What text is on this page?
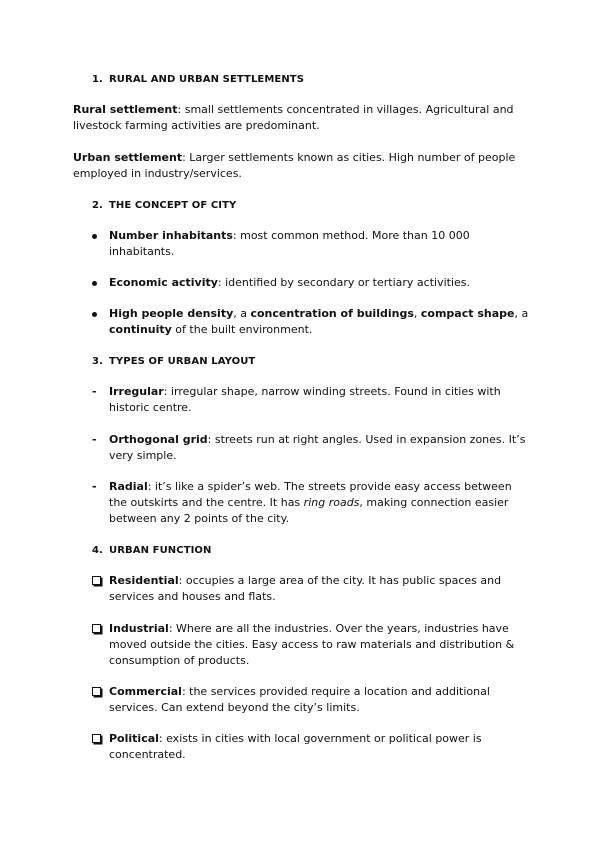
1. RURAL AND URBAN SETTLEMENTS
Rural settlement: small settlements concentrated in villages. Agricultural and livestock farming activities are predominant.
Urban settlement: Larger settlements known as cities. High number of people employed in industry/services.
2. THE CONCEPT OF CITY
Number inhabitants: most common method. More than 10 000 inhabitants.
Economic activity: identified by secondary or tertiary activities.
High people density, a concentration of buildings, compact shape, a continuity of the built environment.
3. TYPES OF URBAN LAYOUT
-	Irregular: irregular shape, narrow winding streets. Found in cities with historic centre.
-	Orthogonal grid: streets run at right angles. Used in expansion zones. It’s very simple.
-	Radial: it’s like a spider’s web. The streets provide easy access between the outskirts and the centre. It has ring roads, making connection easier between any 2 points of the city.
4. URBAN FUNCTION
Residential: occupies a large area of the city. It has public spaces and services and houses and flats.
Industrial: Where are all the industries. Over the years, industries have moved outside the cities. Easy access to raw materials and distribution & consumption of products.
Commercial: the services provided require a location and additional services. Can extend beyond the city’s limits.
Political: exists in cities with local government or political power is concentrated.
